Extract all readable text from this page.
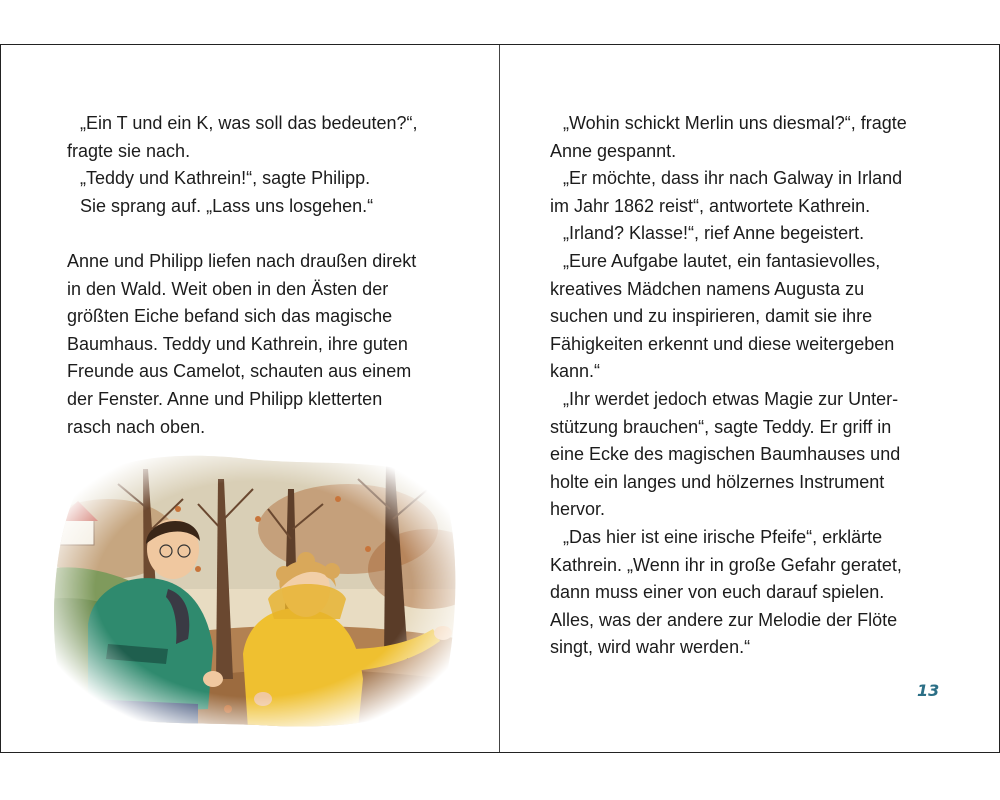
„Ein T und ein K, was soll das bedeuten?“,

fragte sie nach.

„Teddy und Kathrein!“, sagte Philipp.

Sie sprang auf. „Lass uns losgehen.“

Anne und Philipp liefen nach draußen direkt

in den Wald. Weit oben in den Ästen der

größten Eiche befand sich das magische

Baumhaus. Teddy und Kathrein, ihre guten

Freunde aus Camelot, schauten aus einem

der Fenster. Anne und Philipp kletterten

rasch nach oben.

„Wohin schickt Merlin uns diesmal?“, fragte

Anne gespannt.

„Er möchte, dass ihr nach Galway in Irland

im Jahr 1862 reist“, antwortete Kathrein.

„Irland? Klasse!“, rief Anne begeistert.

„Eure Aufgabe lautet, ein fantasievolles,

kreatives Mädchen namens Augusta zu

suchen und zu inspirieren, damit sie ihre

Fähigkeiten erkennt und diese weitergeben

kann.“

„Ihr werdet jedoch etwas Magie zur Unter-

stützung brauchen“, sagte Teddy. Er griff in

eine Ecke des magischen Baumhauses und

holte ein langes und hölzernes Instrument

hervor.

„Das hier ist eine irische Pfeife“, erklärte

Kathrein. „Wenn ihr in große Gefahr geratet,

dann muss einer von euch darauf spielen.

Alles, was der andere zur Melodie der Flöte

singt, wird wahr werden.“

13
